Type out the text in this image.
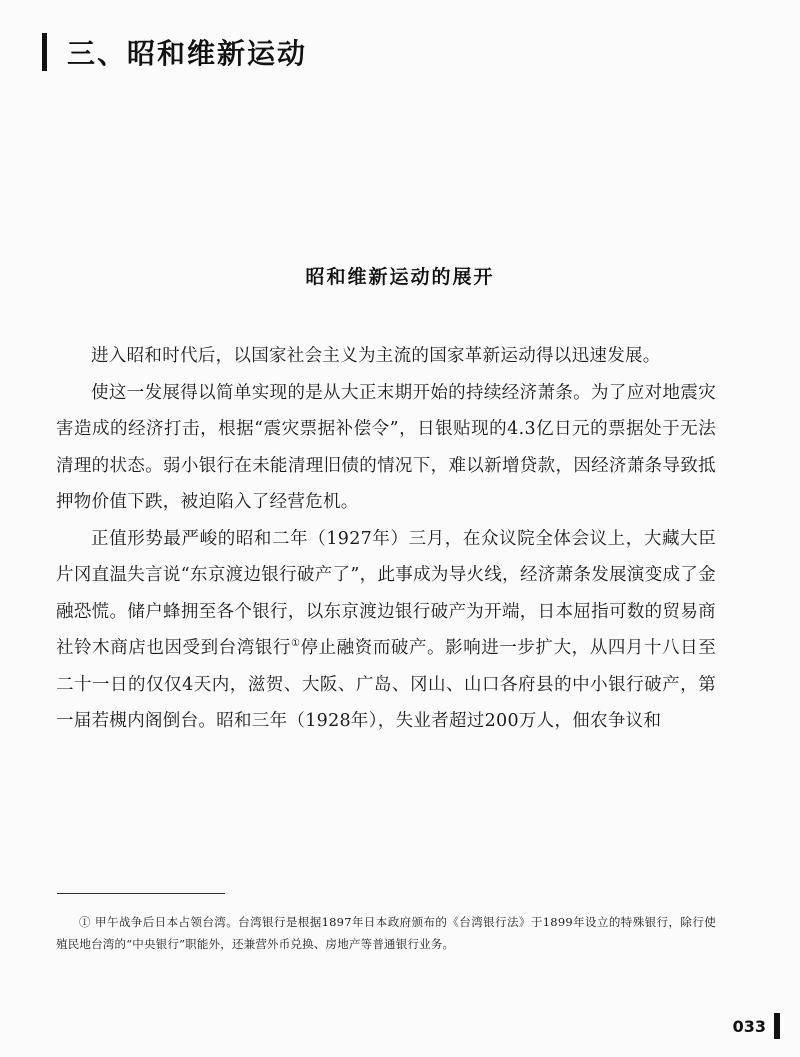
三、昭和维新运动
昭和维新运动的展开

进入昭和时代后，以国家社会主义为主流的国家革新运动得以迅速发展。

使这一发展得以简单实现的是从大正末期开始的持续经济萧条。为了应对地震灾害造成的经济打击，根据“震灾票据补偿令”，日银贴现的4.3亿日元的票据处于无法清理的状态。弱小银行在未能清理旧债的情况下，难以新增贷款，因经济萧条导致抵押物价值下跌，被迫陷入了经营危机。

正值形势最严峻的昭和二年（1927年）三月，在众议院全体会议上，大藏大臣片冈直温失言说“东京渡边银行破产了”，此事成为导火线，经济萧条发展演变成了金融恐慌。储户蜂拥至各个银行，以东京渡边银行破产为开端，日本屈指可数的贸易商社铃木商店也因受到台湾银行①停止融资而破产。影响进一步扩大，从四月十八日至二十一日的仅仅4天内，滋贺、大阪、广岛、冈山、山口各府县的中小银行破产，第一届若槻内阁倒台。昭和三年（1928年），失业者超过200万人，佃农争议和

① 甲午战争后日本占领台湾。台湾银行是根据1897年日本政府颁布的《台湾银行法》于1899年设立的特殊银行，除行使殖民地台湾的“中央银行”职能外，还兼营外币兑换、房地产等普通银行业务。
033
